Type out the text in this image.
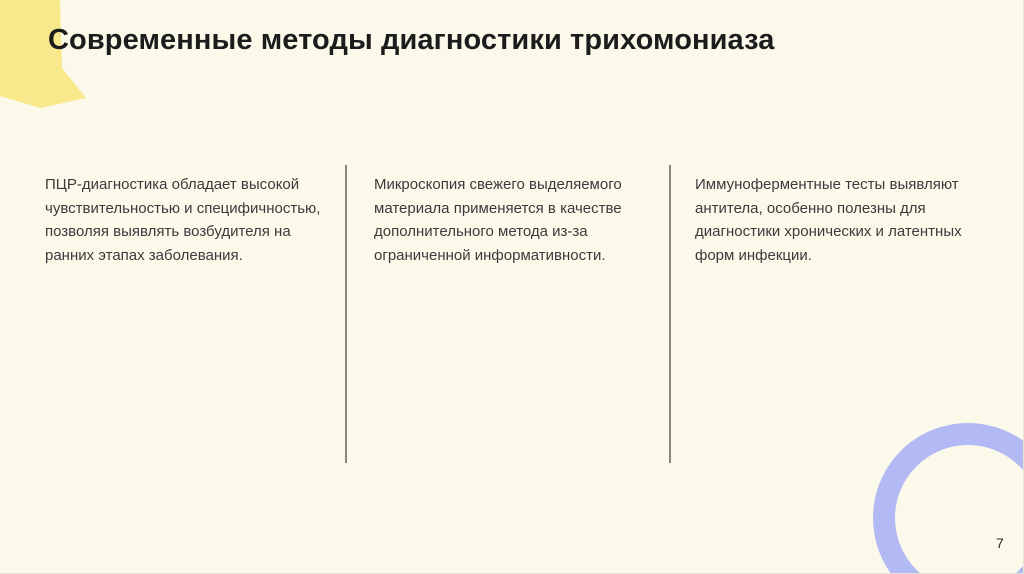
Современные методы диагностики трихомониаза

ПЦР-диагностика обладает высокой чувствительностью и специфичностью, позволяя выявлять возбудителя на ранних этапах заболевания.

Микроскопия свежего выделяемого материала применяется в качестве дополнительного метода из-за ограниченной информативности.

Иммуноферментные тесты выявляют антитела, особенно полезны для диагностики хронических и латентных форм инфекции.

7
